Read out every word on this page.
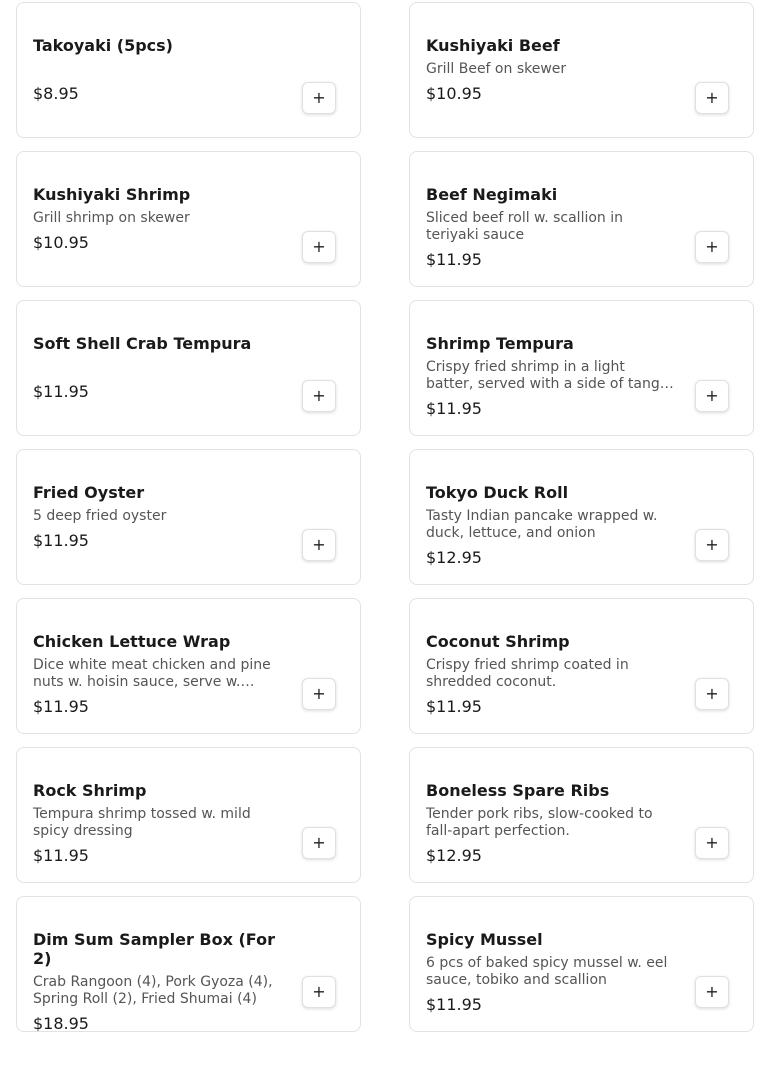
Takoyaki (5pcs)
$8.95	+
Kushiyaki Beef
Grill Beef on skewer
$10.95	+
Kushiyaki Shrimp
Grill shrimp on skewer
$10.95	+
Beef Negimaki
Sliced beef roll w. scallion in teriyaki sauce
$11.95
+
Soft Shell Crab Tempura
$11.95	+
Shrimp Tempura
Crispy fried shrimp in a light batter, served with a side of tangy
$11.95
+
Fried Oyster
5 deep fried oyster
$11.95	+
Tokyo Duck Roll
Tasty Indian pancake wrapped w. duck, lettuce, and onion
$12.95
+
Chicken Lettuce Wrap
Dice white meat chicken and pine nuts w. hoisin sauce, serve w.…
$11.95
+
Coconut Shrimp
Crispy fried shrimp coated in shredded coconut.
$11.95
+
Rock Shrimp
Tempura shrimp tossed w. mild spicy dressing
$11.95
+
Boneless Spare Ribs
Tender pork ribs, slow-cooked to fall-apart perfection.
$12.95
+
Dim Sum Sampler Box (For 2)
Crab Rangoon (4), Pork Gyoza (4), Spring Roll (2), Fried Shumai (4)
$18.95
+
Spicy Mussel
6 pcs of baked spicy mussel w. eel sauce, tobiko and scallion
$11.95
+
